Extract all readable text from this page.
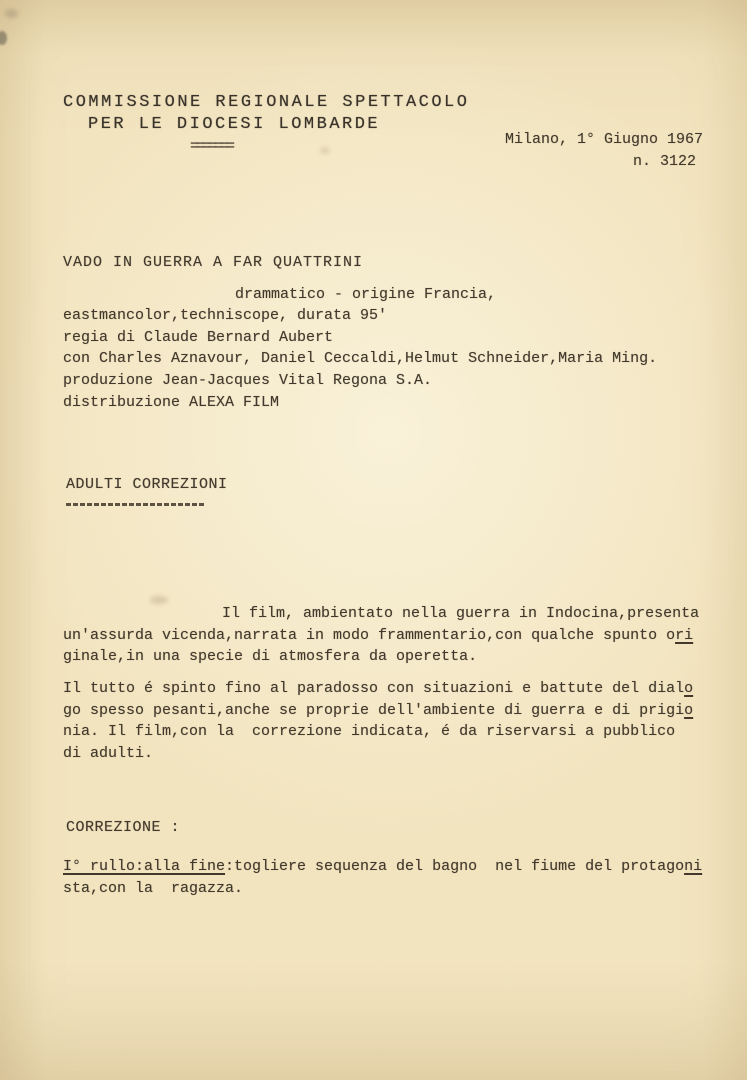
COMMISSIONE REGIONALE SPETTACOLO
PER LE DIOCESI LOMBARDE
=======	Milano, 1° Giugno 1967
n. 3122
VADO IN GUERRA A FAR QUATTRINI
drammatico - origine Francia,
eastmancolor,techniscope, durata 95'
regia di Claude Bernard Aubert
con Charles Aznavour, Daniel Ceccaldi,Helmut Schneider,Maria Ming.
produzione Jean-Jacques Vital Regona S.A.
distribuzione ALEXA FILM
ADULTI CORREZIONI
Il film, ambientato nella guerra in Indocina,presenta
un'assurda vicenda,narrata in modo frammentario,con qualche spunto ori
ginale,in una specie di atmosfera da operetta.
Il tutto é spinto fino al paradosso con situazioni e battute del dialo
go spesso pesanti,anche se proprie dell'ambiente di guerra e di prigio
nia. Il film,con la  correzione indicata, é da riservarsi a pubblico
di adulti.
CORREZIONE :
I° rullo:alla fine:togliere sequenza del bagno  nel fiume del protagoni
sta,con la  ragazza.
